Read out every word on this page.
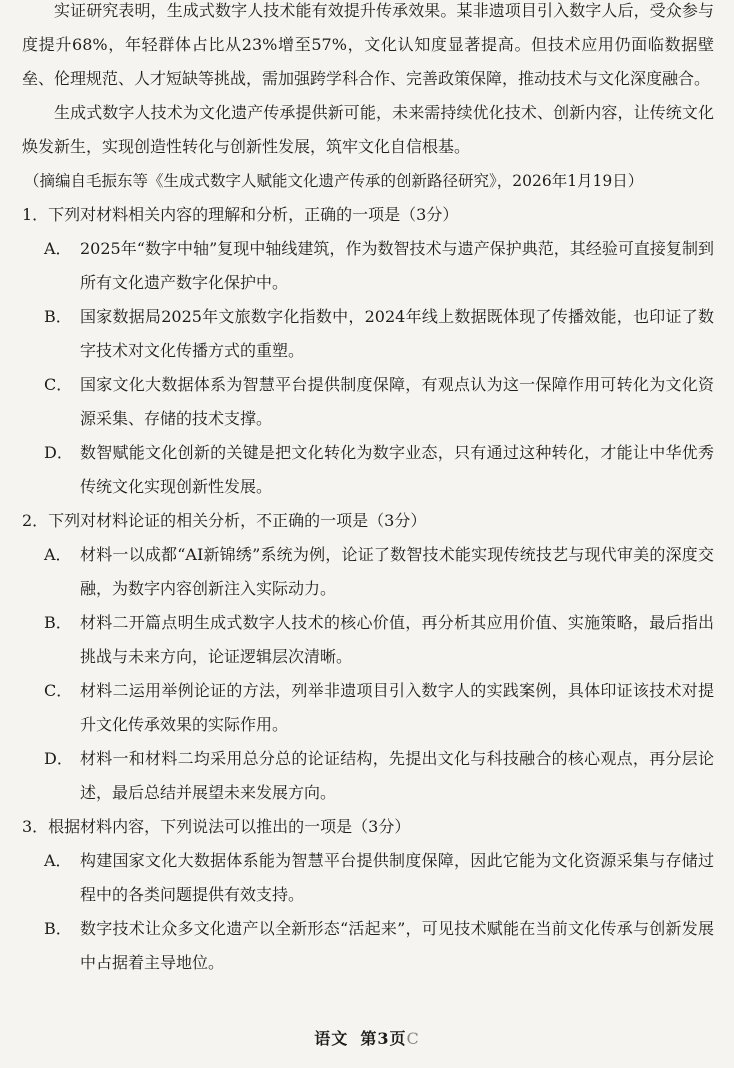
实证研究表明，生成式数字人技术能有效提升传承效果。某非遗项目引入数字人后，受众参与度提升68%，年轻群体占比从23%增至57%，文化认知度显著提高。但技术应用仍面临数据壁垒、伦理规范、人才短缺等挑战，需加强跨学科合作、完善政策保障，推动技术与文化深度融合。

生成式数字人技术为文化遗产传承提供新可能，未来需持续优化技术、创新内容，让传统文化焕发新生，实现创造性转化与创新性发展，筑牢文化自信根基。

（摘编自毛振东等《生成式数字人赋能文化遗产传承的创新路径研究》，2026年1月19日）

1．下列对材料相关内容的理解和分析，正确的一项是（3分）

A． 2025年“数字中轴”复现中轴线建筑，作为数智技术与遗产保护典范，其经验可直接复制到所有文化遗产数字化保护中。

B． 国家数据局2025年文旅数字化指数中，2024年线上数据既体现了传播效能，也印证了数字技术对文化传播方式的重塑。

C． 国家文化大数据体系为智慧平台提供制度保障，有观点认为这一保障作用可转化为文化资源采集、存储的技术支撑。

D． 数智赋能文化创新的关键是把文化转化为数字业态，只有通过这种转化，才能让中华优秀传统文化实现创新性发展。

2．下列对材料论证的相关分析，不正确的一项是（3分）

A． 材料一以成都“AI新锦绣”系统为例，论证了数智技术能实现传统技艺与现代审美的深度交融，为数字内容创新注入实际动力。

B． 材料二开篇点明生成式数字人技术的核心价值，再分析其应用价值、实施策略，最后指出挑战与未来方向，论证逻辑层次清晰。

C． 材料二运用举例论证的方法，列举非遗项目引入数字人的实践案例，具体印证该技术对提升文化传承效果的实际作用。

D． 材料一和材料二均采用总分总的论证结构，先提出文化与科技融合的核心观点，再分层论述，最后总结并展望未来发展方向。

3．根据材料内容，下列说法可以推出的一项是（3分）

A． 构建国家文化大数据体系能为智慧平台提供制度保障，因此它能为文化资源采集与存储过程中的各类问题提供有效支持。

B． 数字技术让众多文化遗产以全新形态“活起来”，可见技术赋能在当前文化传承与创新发展中占据着主导地位。

语文 第3页C
